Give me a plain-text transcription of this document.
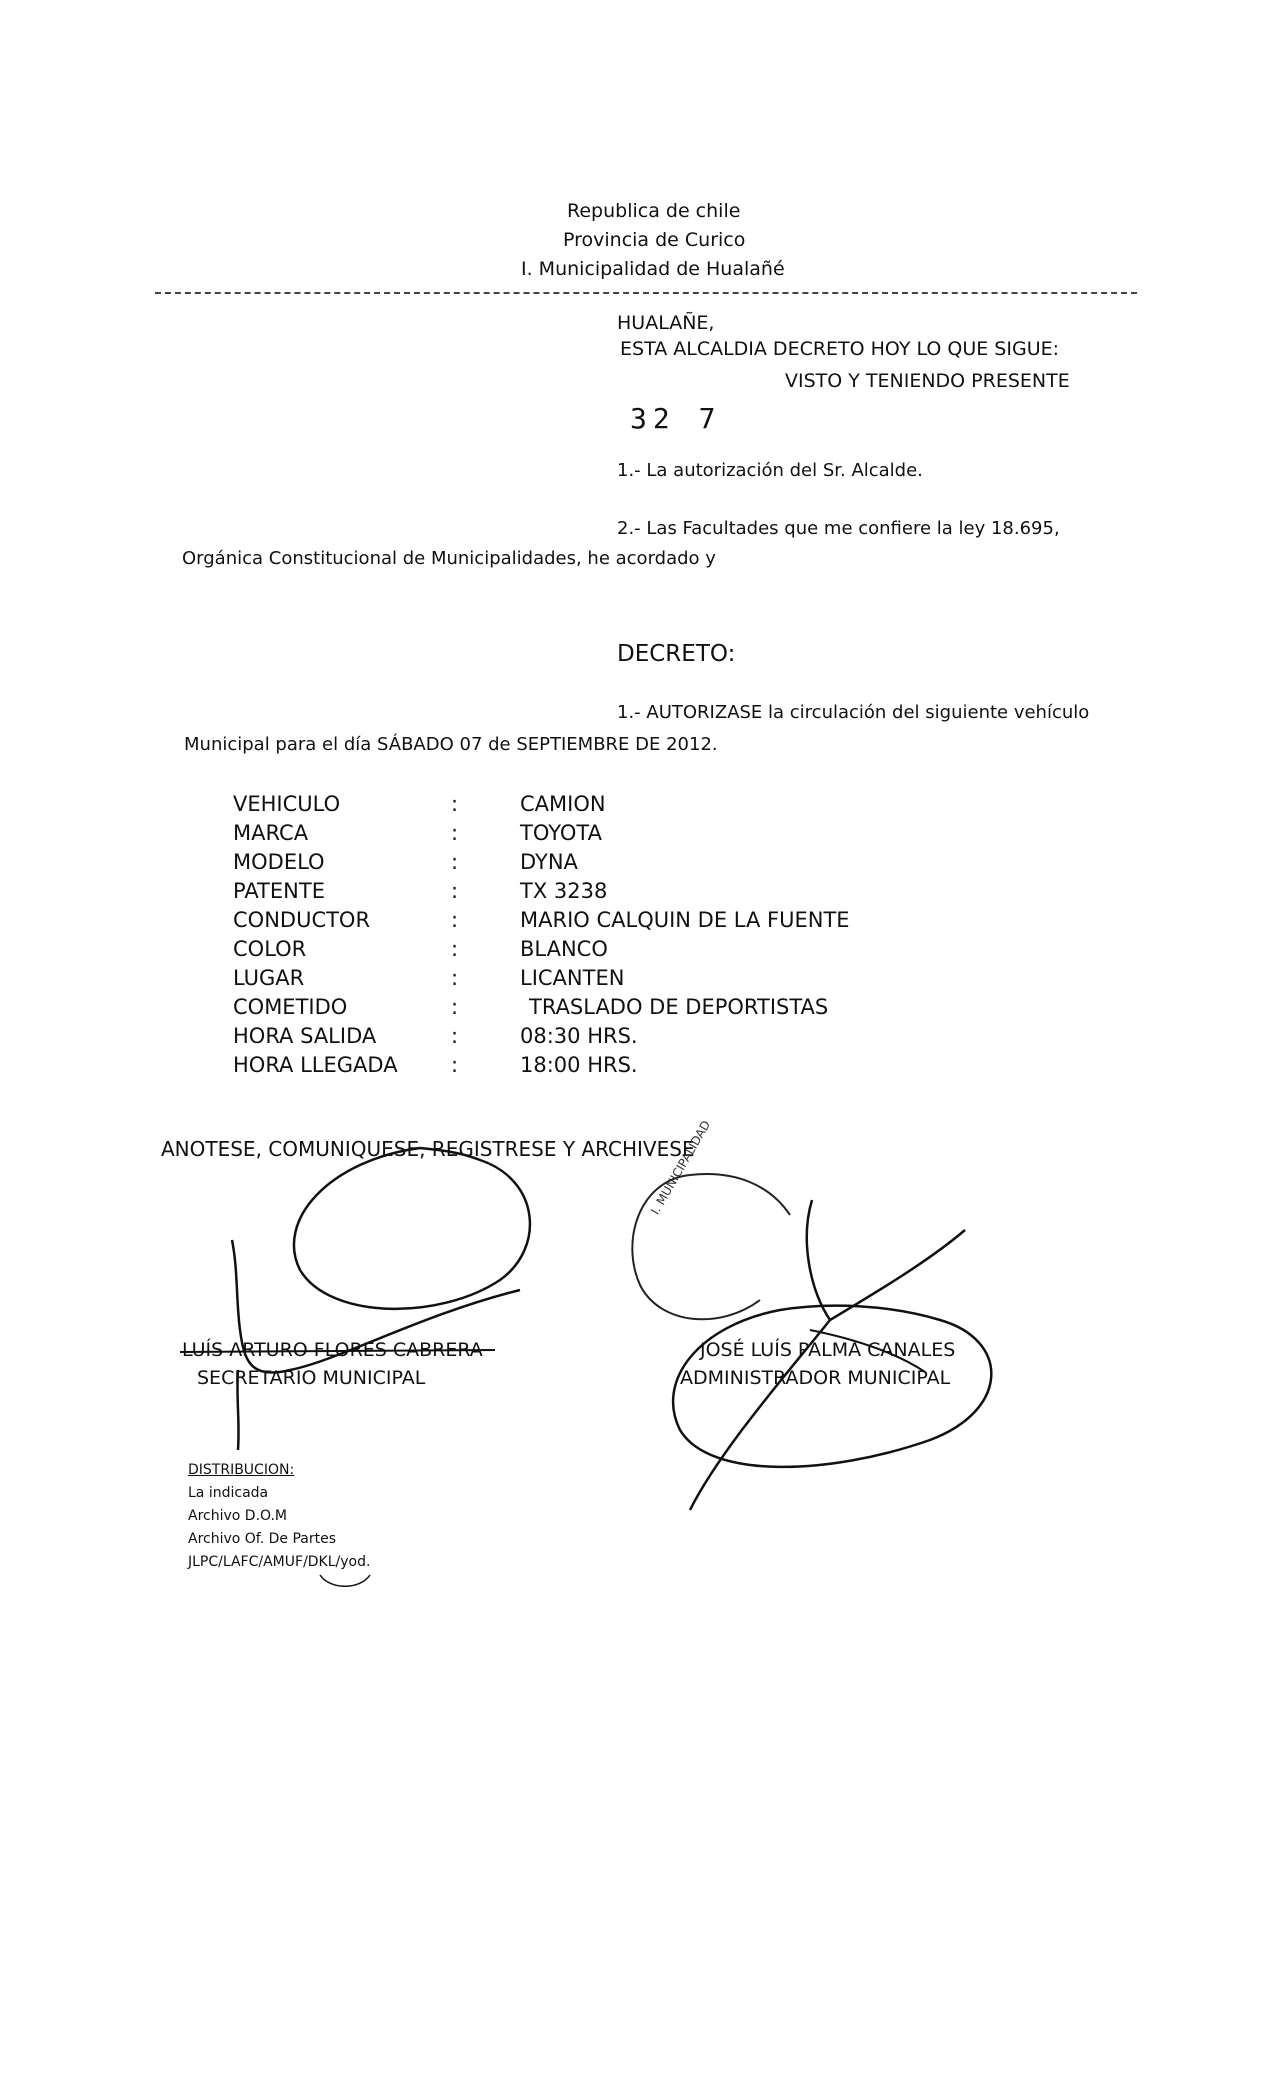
Republica de chile
Provincia de Curico
I. Municipalidad de Hualañé
HUALAÑE,
ESTA ALCALDIA DECRETO HOY LO QUE SIGUE:
VISTO Y TENIENDO PRESENTE
32 7
1.- La autorización del Sr. Alcalde.
2.- Las Facultades que me confiere la ley 18.695,
Orgánica Constitucional de Municipalidades, he acordado y
DECRETO:
1.- AUTORIZASE la circulación del siguiente vehículo
Municipal para el día SÁBADO 07 de SEPTIEMBRE DE 2012.
VEHICULO	:	CAMION
MARCA	:	TOYOTA
MODELO	:	DYNA
PATENTE	:	TX 3238
CONDUCTOR	:	MARIO CALQUIN DE LA FUENTE
COLOR	:	BLANCO
LUGAR	:	LICANTEN
COMETIDO	:	TRASLADO DE DEPORTISTAS
HORA SALIDA	:	08:30 HRS.
HORA LLEGADA	:	18:00 HRS.
ANOTESE, COMUNIQUESE, REGISTRESE Y ARCHIVESE
I. MUNICIPALIDAD
LUÍS ARTURO FLORES CABRERA
SECRETARIO MUNICIPAL
JOSÉ LUÍS PALMA CANALES
ADMINISTRADOR MUNICIPAL
DISTRIBUCION:
La indicada
Archivo D.O.M
Archivo Of. De Partes
JLPC/LAFC/AMUF/DKL/yod.
